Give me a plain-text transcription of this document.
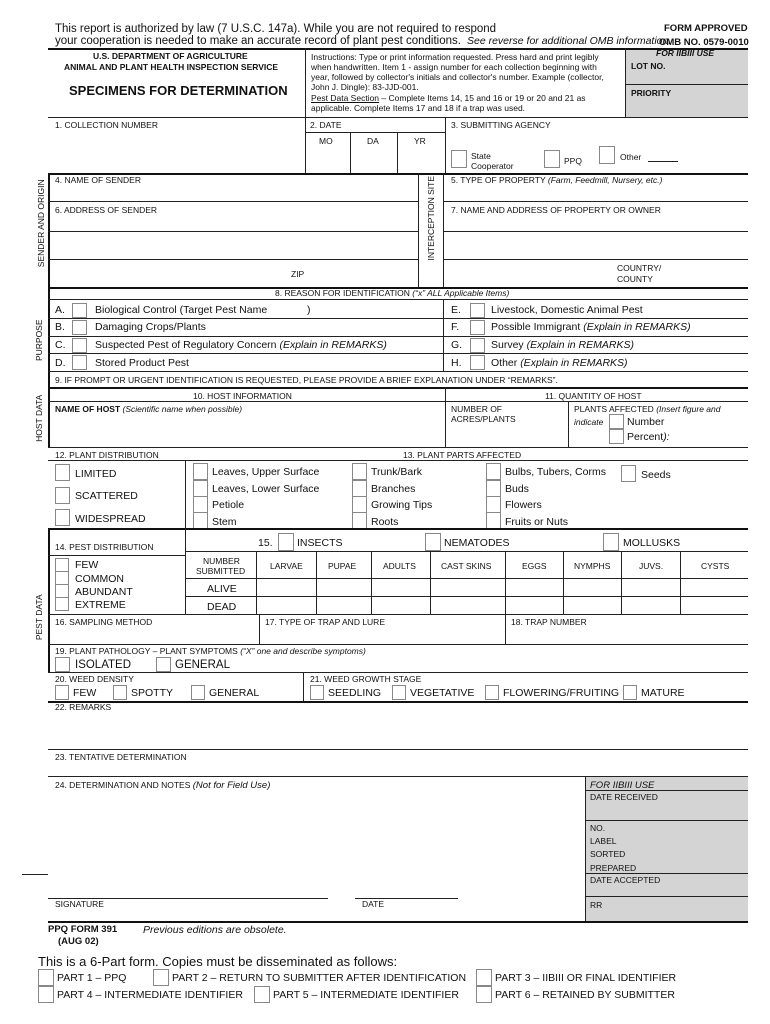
This report is authorized by law (7 U.S.C. 147a). While you are not required to respond
your cooperation is needed to make an accurate record of plant pest conditions. See reverse for additional OMB information.
FORM APPROVED
OMB NO. 0579-0010
U.S. DEPARTMENT OF AGRICULTURE
ANIMAL AND PLANT HEALTH INSPECTION SERVICE
SPECIMENS FOR DETERMINATION
Instructions: Type or print information requested. Press hard and print legibly
when handwritten. Item 1 - assign number for each collection beginning with
year, followed by collector's initials and collector's number. Example (collector,
John J. Dingle): 83-JJD-001.
Pest Data Section – Complete Items 14, 15 and 16 or 19 or 20 and 21 as
applicable. Complete Items 17 and 18 if a trap was used.
FOR IIBIII USE
LOT NO.
PRIORITY
1. COLLECTION NUMBER	2. DATE
MO	DA	YR
3. SUBMITTING AGENCY
State
Cooperator	PPQ	Other
SENDER AND ORIGIN 4. NAME OF SENDER
6. ADDRESS OF SENDER
ZIP
INTERCEPTION SITE 5. TYPE OF PROPERTY (Farm, Feedmill, Nursery, etc.)
7. NAME AND ADDRESS OF PROPERTY OR OWNER
COUNTRY/
COUNTY
PURPOSE
8. REASON FOR IDENTIFICATION (“x” ALL Applicable Items)
A.	Biological Control (Target Pest Name	)
B.	Damaging Crops/Plants
C.	Suspected Pest of Regulatory Concern (Explain in REMARKS)
D.	Stored Product Pest
E.	Livestock, Domestic Animal Pest
F.	Possible Immigrant (Explain in REMARKS)
G.	Survey (Explain in REMARKS)
H.	Other (Explain in REMARKS)
9. IF PROMPT OR URGENT IDENTIFICATION IS REQUESTED, PLEASE PROVIDE A BRIEF EXPLANATION UNDER “REMARKS”.
HOST DATA	10. HOST INFORMATION	11. QUANTITY OF HOST
NAME OF HOST (Scientific name when possible)	NUMBER OF
ACRES/PLANTS
PLANTS AFFECTED (Insert figure and
indicate Number
Percent):
12. PLANT DISTRIBUTION	13. PLANT PARTS AFFECTED
LIMITED
SCATTERED
WIDESPREAD
Leaves, Upper Surface
Leaves, Lower Surface
Petiole
Stem
Trunk/Bark
Branches
Growing Tips
Roots
Bulbs, Tubers, Corms
Buds
Flowers
Fruits or Nuts
Seeds
PEST DATA
14. PEST DISTRIBUTION	15. INSECTS	NEMATODES	MOLLUSKS
NUMBER
SUBMITTED	LARVAE	PUPAE	ADULTS	CAST SKINS	EGGS	NYMPHS	JUVS.	CYSTS
ALIVE
DEAD
FEW
COMMON
ABUNDANT
EXTREME
16. SAMPLING METHOD	17. TYPE OF TRAP AND LURE	18. TRAP NUMBER
19. PLANT PATHOLOGY – PLANT SYMPTOMS (“X” one and describe symptoms)
ISOLATED	GENERAL
20. WEED DENSITY	21. WEED GROWTH STAGE
FEW	SPOTTY	GENERAL	SEEDLING	VEGETATIVE	FLOWERING/FRUITING MATURE
22. REMARKS
23. TENTATIVE DETERMINATION
24. DETERMINATION AND NOTES (Not for Field Use)	FOR IIBIII USE
DATE RECEIVED
NO.
LABEL
SORTED
PREPARED
DATE ACCEPTED
RR
SIGNATURE	DATE
PPQ FORM 391
(AUG 02)
Previous editions are obsolete.
This is a 6-Part form. Copies must be disseminated as follows:
PART 1 – PPQ	PART 2 – RETURN TO SUBMITTER AFTER IDENTIFICATION	PART 3 – IIBIII OR FINAL IDENTIFIER
PART 4 – INTERMEDIATE IDENTIFIER	PART 5 – INTERMEDIATE IDENTIFIER	PART 6 – RETAINED BY SUBMITTER
